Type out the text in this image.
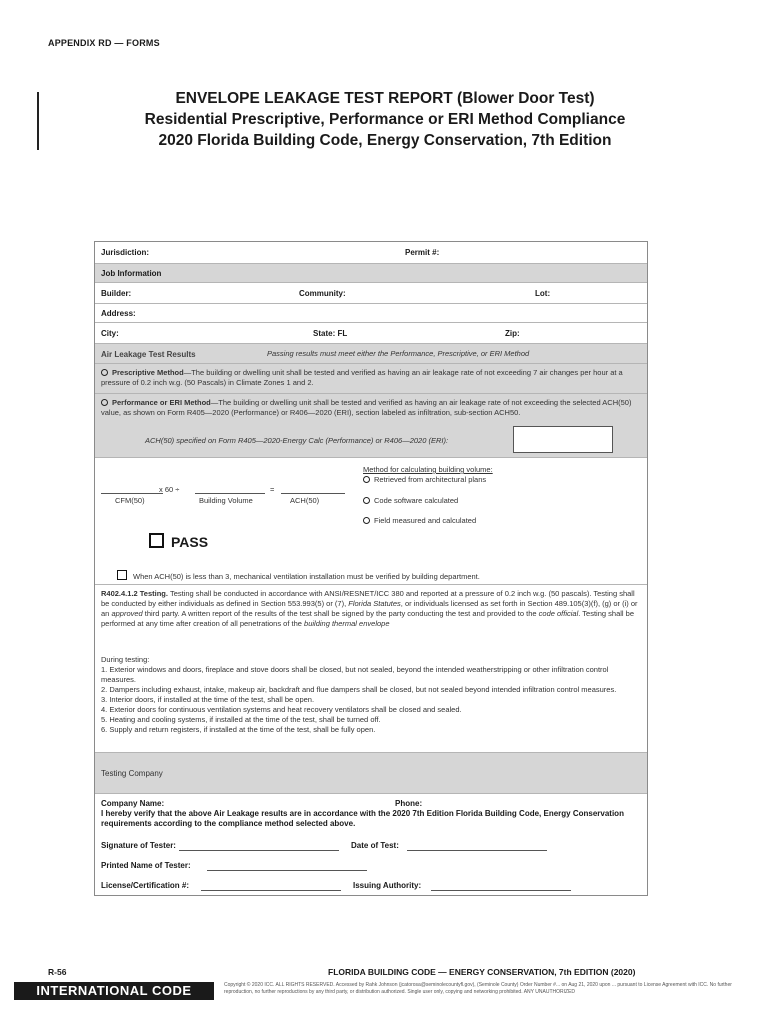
APPENDIX RD — FORMS
ENVELOPE LEAKAGE TEST REPORT (Blower Door Test)
Residential Prescriptive, Performance or ERI Method Compliance
2020 Florida Building Code, Energy Conservation, 7th Edition
Jurisdiction:	Permit #:
Job Information
Builder:	Community:	Lot:
Address:
City:	State: FL	Zip:
Air Leakage Test Results	Passing results must meet either the Performance, Prescriptive, or ERI Method
Prescriptive Method—The building or dwelling unit shall be tested and verified as having an air leakage rate of not exceeding 7 air changes per hour at a pressure of 0.2 inch w.g. (50 Pascals) in Climate Zones 1 and 2.
Performance or ERI Method—The building or dwelling unit shall be tested and verified as having an air leakage rate of not exceeding the selected ACH(50) value, as shown on Form R405—2020 (Performance) or R406—2020 (ERI), section labeled as infiltration, sub-section ACH50.
ACH(50) specified on Form R405—2020-Energy Calc (Performance) or R406—2020 (ERI):
x 60 ÷	=
CFM(50)	Building Volume	ACH(50)
Method for calculating building volume:
Retrieved from architectural plans
Code software calculated
Field measured and calculated
PASS
When ACH(50) is less than 3, mechanical ventilation installation must be verified by building department.
R402.4.1.2 Testing. Testing shall be conducted in accordance with ANSI/RESNET/ICC 380 and reported at a pressure of 0.2 inch w.g. (50 pascals). Testing shall be conducted by either individuals as defined in Section 553.993(5) or (7), Florida Statutes, or individuals licensed as set forth in Section 489.105(3)(f), (g) or (i) or an approved third party. A written report of the results of the test shall be signed by the party conducting the test and provided to the code official. Testing shall be performed at any time after creation of all penetrations of the building thermal envelope
During testing:
1. Exterior windows and doors, fireplace and stove doors shall be closed, but not sealed, beyond the intended weatherstripping or other infiltration control measures.
2. Dampers including exhaust, intake, makeup air, backdraft and flue dampers shall be closed, but not sealed beyond intended infiltration control measures.
3. Interior doors, if installed at the time of the test, shall be open.
4. Exterior doors for continuous ventilation systems and heat recovery ventilators shall be closed and sealed.
5. Heating and cooling systems, if installed at the time of the test, shall be turned off.
6. Supply and return registers, if installed at the time of the test, shall be fully open.
Testing Company
Company Name:	Phone:
I hereby verify that the above Air Leakage results are in accordance with the 2020 7th Edition Florida Building Code, Energy Conservation requirements according to the compliance method selected above.
Signature of Tester:	Date of Test:
Printed Name of Tester:
License/Certification #:	Issuing Authority:
R-56	FLORIDA BUILDING CODE — ENERGY CONSERVATION, 7th EDITION (2020)
INTERNATIONAL CODE COUNCIL®
Copyright © 2020 ICC. ALL RIGHTS RESERVED. Accessed by Rahk Johnson (jcatorosa@seminolecountyfl.gov), (Seminole County) Order Number #... on Aug 21, 2020 upon ... pursuant to License Agreement with ICC. No further reproduction, no further reproductions by any third party, or distribution authorized. Single user only, copying and networking prohibited. ANY UNAUTHORIZED
